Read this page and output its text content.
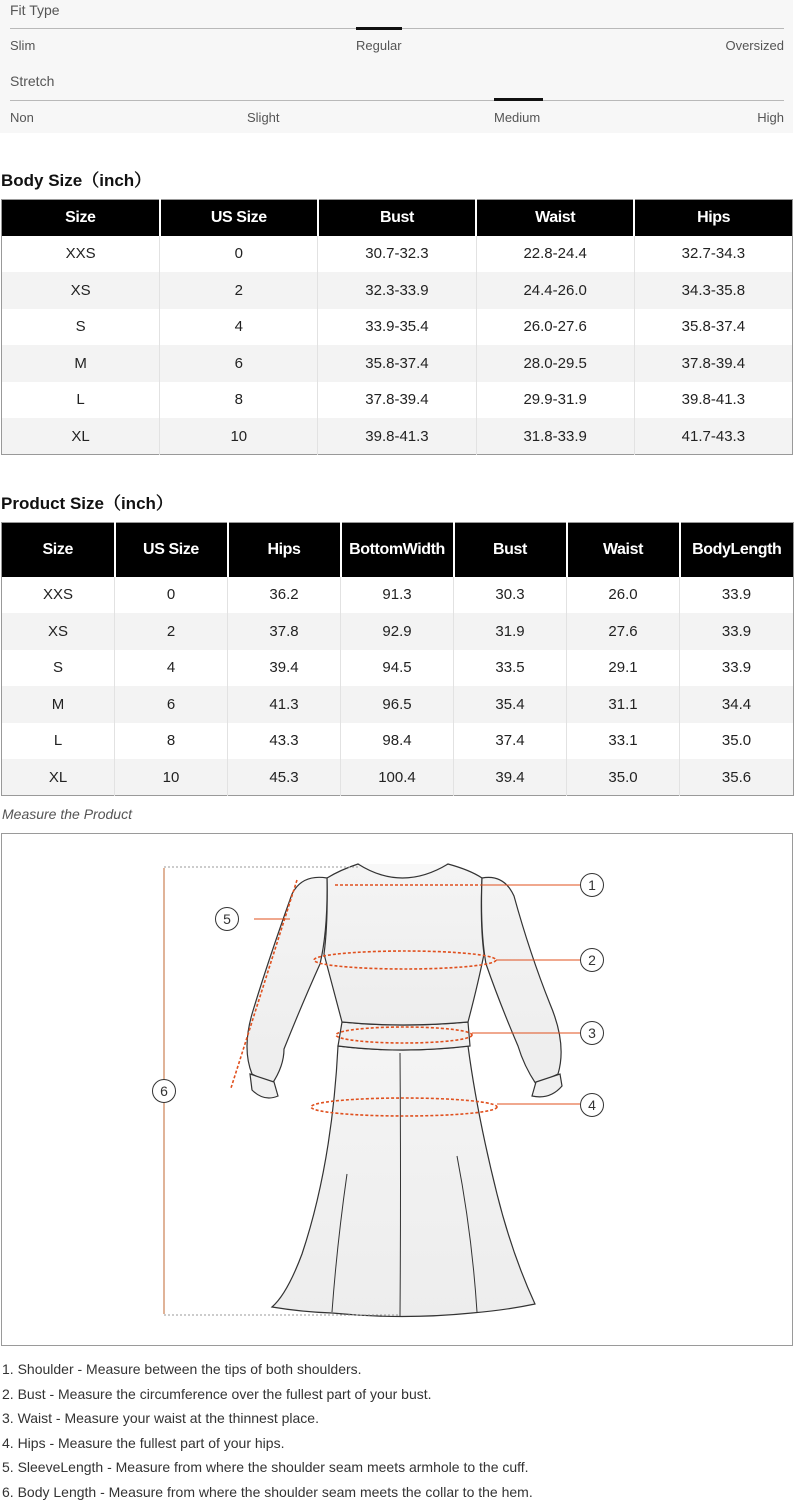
Fit Type
Slim	Regular	Oversized
Stretch
Non	Slight	Medium	High
Body Size（inch）
Size	US Size	Bust	Waist	Hips
XXS	0	30.7-32.3	22.8-24.4	32.7-34.3
XS	2	32.3-33.9	24.4-26.0	34.3-35.8
S	4	33.9-35.4	26.0-27.6	35.8-37.4
M	6	35.8-37.4	28.0-29.5	37.8-39.4
L	8	37.8-39.4	29.9-31.9	39.8-41.3
XL	10	39.8-41.3	31.8-33.9	41.7-43.3
Product Size（inch）
Size	US Size	Hips	BottomWidth	Bust	Waist	BodyLength
XXS	0	36.2	91.3	30.3	26.0	33.9
XS	2	37.8	92.9	31.9	27.6	33.9
S	4	39.4	94.5	33.5	29.1	33.9
M	6	41.3	96.5	35.4	31.1	34.4
L	8	43.3	98.4	37.4	33.1	35.0
XL	10	45.3	100.4	39.4	35.0	35.6
Measure the Product
1
2
3
4
5
6
1. Shoulder - Measure between the tips of both shoulders.
2. Bust - Measure the circumference over the fullest part of your bust.
3. Waist - Measure your waist at the thinnest place.
4. Hips - Measure the fullest part of your hips.
5. SleeveLength - Measure from where the shoulder seam meets armhole to the cuff.
6. Body Length - Measure from where the shoulder seam meets the collar to the hem.
